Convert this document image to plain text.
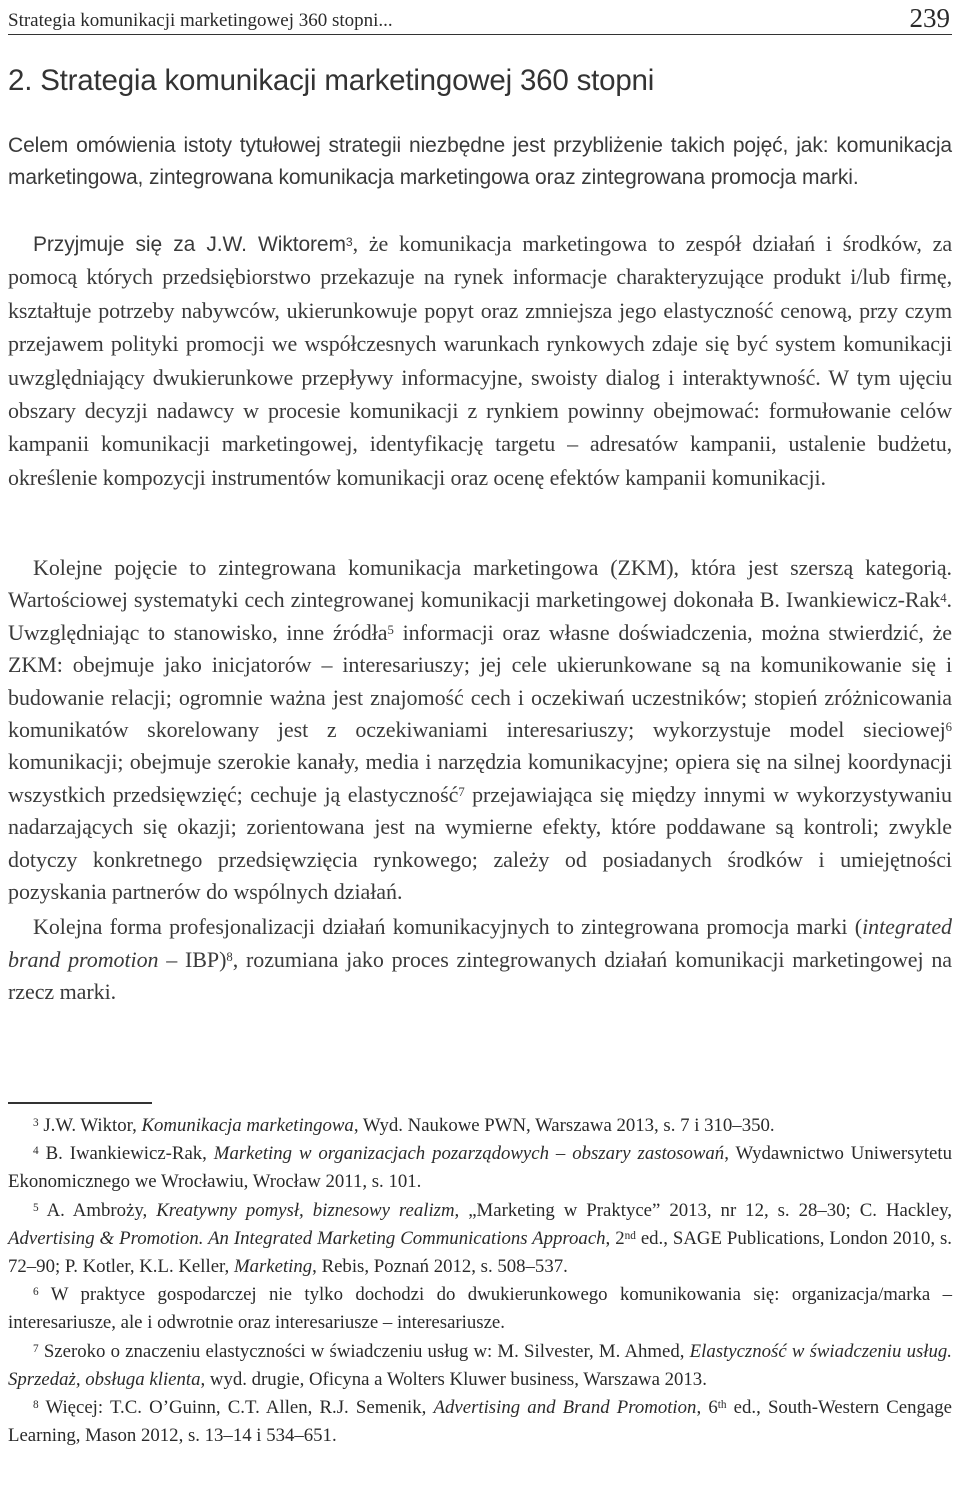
Strategia komunikacji marketingowej 360 stopni...	239
2. Strategia komunikacji marketingowej 360 stopni

Celem omówienia istoty tytułowej strategii niezbędne jest przybliżenie takich pojęć, jak: komunikacja marketingowa, zintegrowana komunikacja marketingowa oraz zintegrowana promocja marki.

Przyjmuje się za J.W. Wiktorem$^3$, że komunikacja marketingowa to zespół działań i środków, za pomocą których przedsiębiorstwo przekazuje na rynek informacje charakteryzujące produkt i/lub firmę, kształtuje potrzeby nabywców, ukierunkowuje popyt oraz zmniejsza jego elastyczność cenową, przy czym przejawem polityki promocji we współczesnych warunkach rynkowych zdaje się być system komunikacji uwzględniający dwukierunkowe przepływy informacyjne, swoisty dialog i interaktywność. W tym ujęciu obszary decyzji nadawcy w procesie komunikacji z rynkiem powinny obejmować: formułowanie celów kampanii komunikacji marketingowej, identyfikację targetu – adresatów kampanii, ustalenie budżetu, określenie kompozycji instrumentów komunikacji oraz ocenę efektów kampanii komunikacji.

Kolejne pojęcie to zintegrowana komunikacja marketingowa (ZKM), która jest szerszą kategorią. Wartościowej systematyki cech zintegrowanej komunikacji marketingowej dokonała B. Iwankiewicz-Rak$^4$. Uwzględniając to stanowisko, inne źródła$^5$ informacji oraz własne doświadczenia, można stwierdzić, że ZKM: obejmuje jako inicjatorów – interesariuszy; jej cele ukierunkowane są na komunikowanie się i budowanie relacji; ogromnie ważna jest znajomość cech i oczekiwań uczestników; stopień zróżnicowania komunikatów skorelowany jest z oczekiwaniami interesariuszy; wykorzystuje model sieciowej$^6$ komunikacji; obejmuje szerokie kanały, media i narzędzia komunikacyjne; opiera się na silnej koordynacji wszystkich przedsięwzięć; cechuje ją elastyczność$^7$ przejawiająca się między innymi w wykorzystywaniu nadarzających się okazji; zorientowana jest na wymierne efekty, które poddawane są kontroli; zwykle dotyczy konkretnego przedsięwzięcia rynkowego; zależy od posiadanych środków i umiejętności pozyskania partnerów do wspólnych działań.

Kolejna forma profesjonalizacji działań komunikacyjnych to zintegrowana promocja marki (integrated brand promotion – IBP)$^8$, rozumiana jako proces zintegrowanych działań komunikacji marketingowej na rzecz marki.

$^3$ J.W. Wiktor, Komunikacja marketingowa, Wyd. Naukowe PWN, Warszawa 2013, s. 7 i 310–350.

$^4$ B. Iwankiewicz-Rak, Marketing w organizacjach pozarządowych – obszary zastosowań, Wydawnictwo Uniwersytetu Ekonomicznego we Wrocławiu, Wrocław 2011, s. 101.

$^5$ A. Ambroży, Kreatywny pomysł, biznesowy realizm, „Marketing w Praktyce” 2013, nr 12, s. 28–30; C. Hackley, Advertising & Promotion. An Integrated Marketing Communications Approach, 2nd ed., SAGE Publications, London 2010, s. 72–90; P. Kotler, K.L. Keller, Marketing, Rebis, Poznań 2012, s. 508–537.

$^6$ W praktyce gospodarczej nie tylko dochodzi do dwukierunkowego komunikowania się: organizacja/marka – interesariusze, ale i odwrotnie oraz interesariusze – interesariusze.

$^7$ Szeroko o znaczeniu elastyczności w świadczeniu usług w: M. Silvester, M. Ahmed, Elastyczność w świadczeniu usług. Sprzedaż, obsługa klienta, wyd. drugie, Oficyna a Wolters Kluwer business, Warszawa 2013.

$^8$ Więcej: T.C. O’Guinn, C.T. Allen, R.J. Semenik, Advertising and Brand Promotion, 6th ed., South-Western Cengage Learning, Mason 2012, s. 13–14 i 534–651.
